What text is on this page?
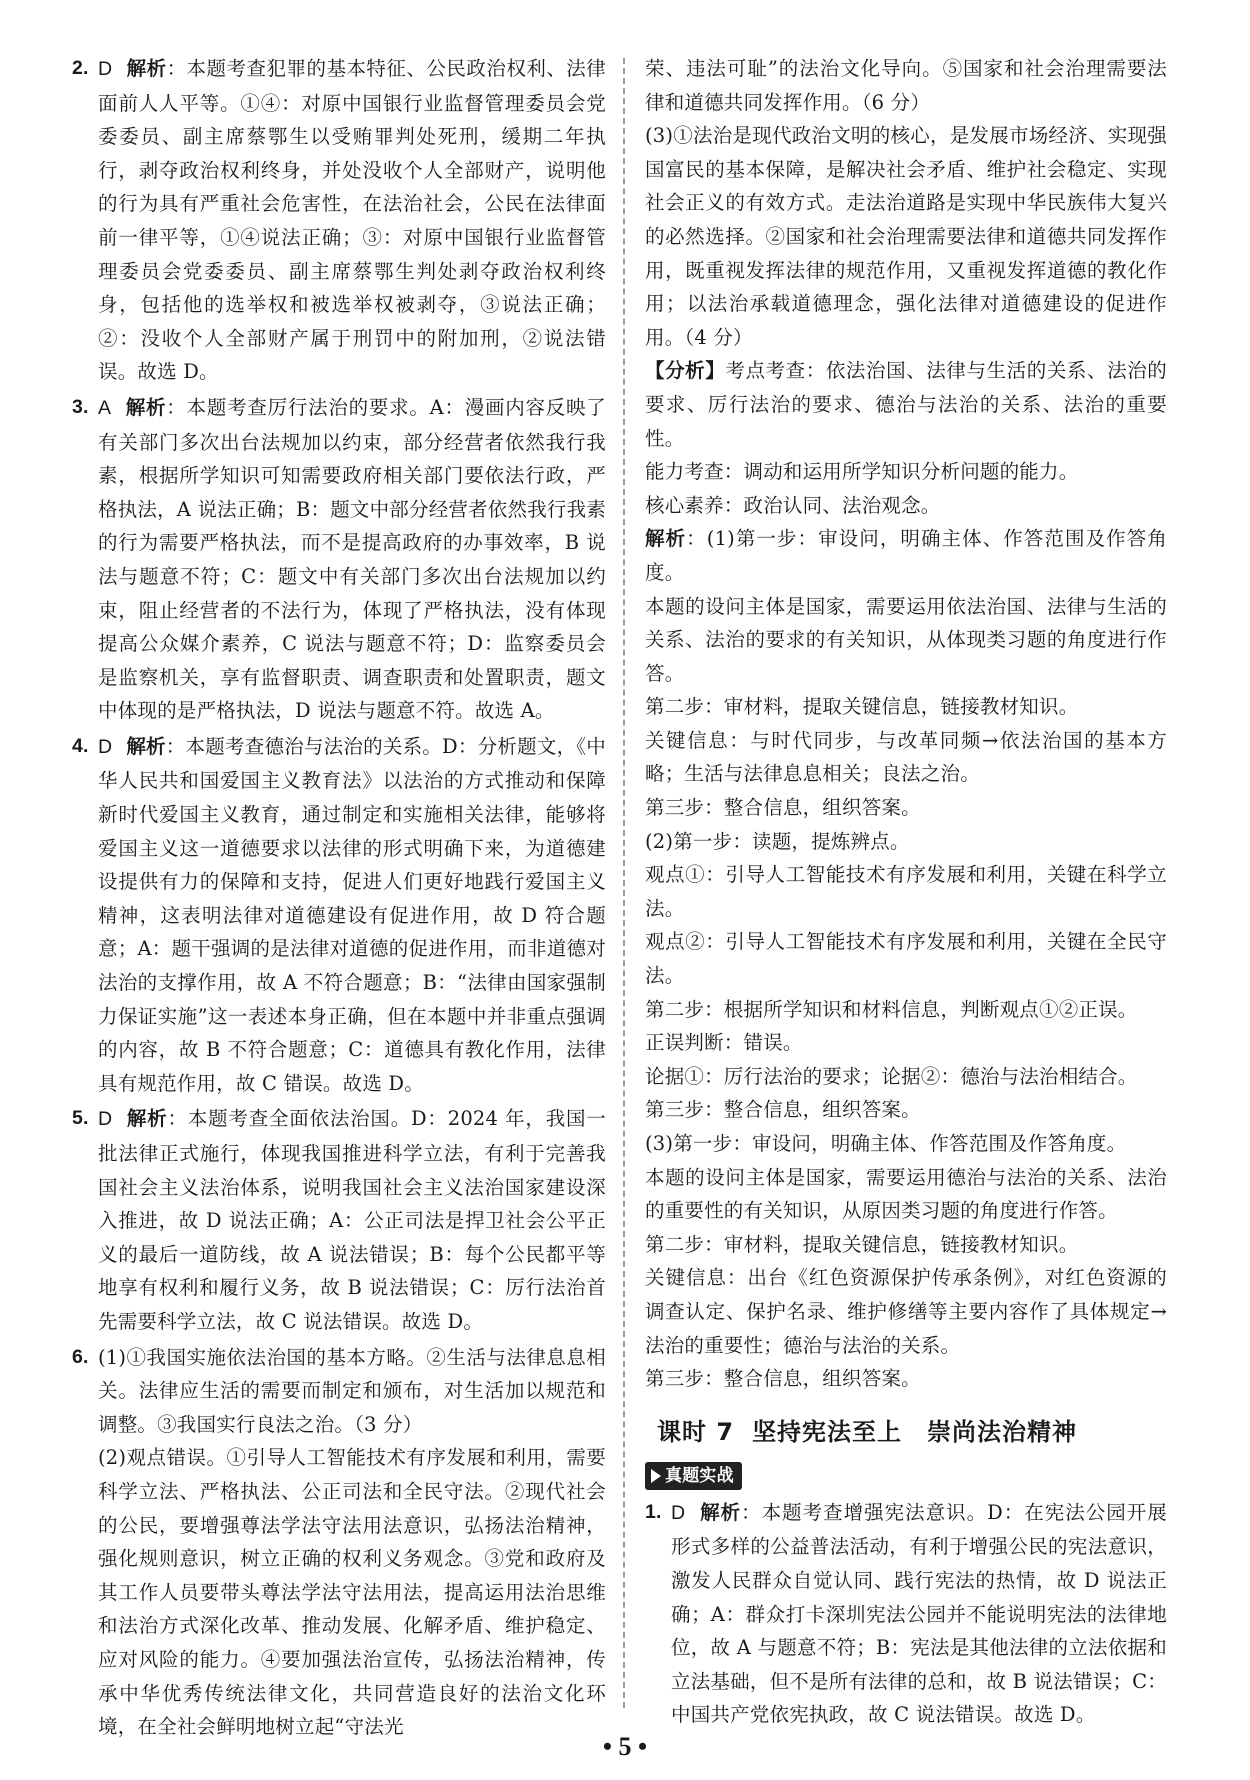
2. D 解析：本题考查犯罪的基本特征、公民政治权利、法律面前人人平等。①④：对原中国银行业监督管理委员会党委委员、副主席蔡鄂生以受贿罪判处死刑，缓期二年执行，剥夺政治权利终身，并处没收个人全部财产，说明他的行为具有严重社会危害性，在法治社会，公民在法律面前一律平等，①④说法正确；③：对原中国银行业监督管理委员会党委委员、副主席蔡鄂生判处剥夺政治权利终身，包括他的选举权和被选举权被剥夺，③说法正确；②：没收个人全部财产属于刑罚中的附加刑，②说法错误。故选 D。
3. A 解析：本题考查厉行法治的要求。A：漫画内容反映了有关部门多次出台法规加以约束，部分经营者依然我行我素，根据所学知识可知需要政府相关部门要依法行政，严格执法，A 说法正确；B：题文中部分经营者依然我行我素的行为需要严格执法，而不是提高政府的办事效率，B 说法与题意不符；C：题文中有关部门多次出台法规加以约束，阻止经营者的不法行为，体现了严格执法，没有体现提高公众媒介素养，C 说法与题意不符；D：监察委员会是监察机关，享有监督职责、调查职责和处置职责，题文中体现的是严格执法，D 说法与题意不符。故选 A。
4. D 解析：本题考查德治与法治的关系。D：分析题文，《中华人民共和国爱国主义教育法》以法治的方式推动和保障新时代爱国主义教育，通过制定和实施相关法律，能够将爱国主义这一道德要求以法律的形式明确下来，为道德建设提供有力的保障和支持，促进人们更好地践行爱国主义精神，这表明法律对道德建设有促进作用，故 D 符合题意；A：题干强调的是法律对道德的促进作用，而非道德对法治的支撑作用，故 A 不符合题意；B：“法律由国家强制力保证实施”这一表述本身正确，但在本题中并非重点强调的内容，故 B 不符合题意；C：道德具有教化作用，法律具有规范作用，故 C 错误。故选 D。
5. D 解析：本题考查全面依法治国。D：2024 年，我国一批法律正式施行，体现我国推进科学立法，有利于完善我国社会主义法治体系，说明我国社会主义法治国家建设深入推进，故 D 说法正确；A：公正司法是捍卫社会公平正义的最后一道防线，故 A 说法错误；B：每个公民都平等地享有权利和履行义务，故 B 说法错误；C：厉行法治首先需要科学立法，故 C 说法错误。故选 D。
6. (1)①我国实施依法治国的基本方略。②生活与法律息息相关。法律应生活的需要而制定和颁布，对生活加以规范和调整。③我国实行良法之治。（3 分）

(2)观点错误。①引导人工智能技术有序发展和利用，需要科学立法、严格执法、公正司法和全民守法。②现代社会的公民，要增强尊法学法守法用法意识，弘扬法治精神，强化规则意识，树立正确的权利义务观念。③党和政府及其工作人员要带头尊法学法守法用法，提高运用法治思维和法治方式深化改革、推动发展、化解矛盾、维护稳定、应对风险的能力。④要加强法治宣传，弘扬法治精神，传承中华优秀传统法律文化，共同营造良好的法治文化环境，在全社会鲜明地树立起“守法光

荣、违法可耻”的法治文化导向。⑤国家和社会治理需要法律和道德共同发挥作用。（6 分）

(3)①法治是现代政治文明的核心，是发展市场经济、实现强国富民的基本保障，是解决社会矛盾、维护社会稳定、实现社会正义的有效方式。走法治道路是实现中华民族伟大复兴的必然选择。②国家和社会治理需要法律和道德共同发挥作用，既重视发挥法律的规范作用，又重视发挥道德的教化作用；以法治承载道德理念，强化法律对道德建设的促进作用。（4 分）

【分析】考点考查：依法治国、法律与生活的关系、法治的要求、厉行法治的要求、德治与法治的关系、法治的重要性。

能力考查：调动和运用所学知识分析问题的能力。

核心素养：政治认同、法治观念。

解析：(1)第一步：审设问，明确主体、作答范围及作答角度。

本题的设问主体是国家，需要运用依法治国、法律与生活的关系、法治的要求的有关知识，从体现类习题的角度进行作答。

第二步：审材料，提取关键信息，链接教材知识。

关键信息：与时代同步，与改革同频→依法治国的基本方略；生活与法律息息相关；良法之治。

第三步：整合信息，组织答案。

(2)第一步：读题，提炼辨点。

观点①：引导人工智能技术有序发展和利用，关键在科学立法。

观点②：引导人工智能技术有序发展和利用，关键在全民守法。

第二步：根据所学知识和材料信息，判断观点①②正误。

正误判断：错误。

论据①：厉行法治的要求；论据②：德治与法治相结合。

第三步：整合信息，组织答案。

(3)第一步：审设问，明确主体、作答范围及作答角度。

本题的设问主体是国家，需要运用德治与法治的关系、法治的重要性的有关知识，从原因类习题的角度进行作答。

第二步：审材料，提取关键信息，链接教材知识。

关键信息：出台《红色资源保护传承条例》，对红色资源的调查认定、保护名录、维护修缮等主要内容作了具体规定→法治的重要性；德治与法治的关系。

第三步：整合信息，组织答案。

课时 7 坚持宪法至上　崇尚法治精神
真题实战
1. D 解析：本题考查增强宪法意识。D：在宪法公园开展形式多样的公益普法活动，有利于增强公民的宪法意识，激发人民群众自觉认同、践行宪法的热情，故 D 说法正确；A：群众打卡深圳宪法公园并不能说明宪法的法律地位，故 A 与题意不符；B：宪法是其他法律的立法依据和立法基础，但不是所有法律的总和，故 B 说法错误；C：中国共产党依宪执政，故 C 说法错误。故选 D。
• 5 •
